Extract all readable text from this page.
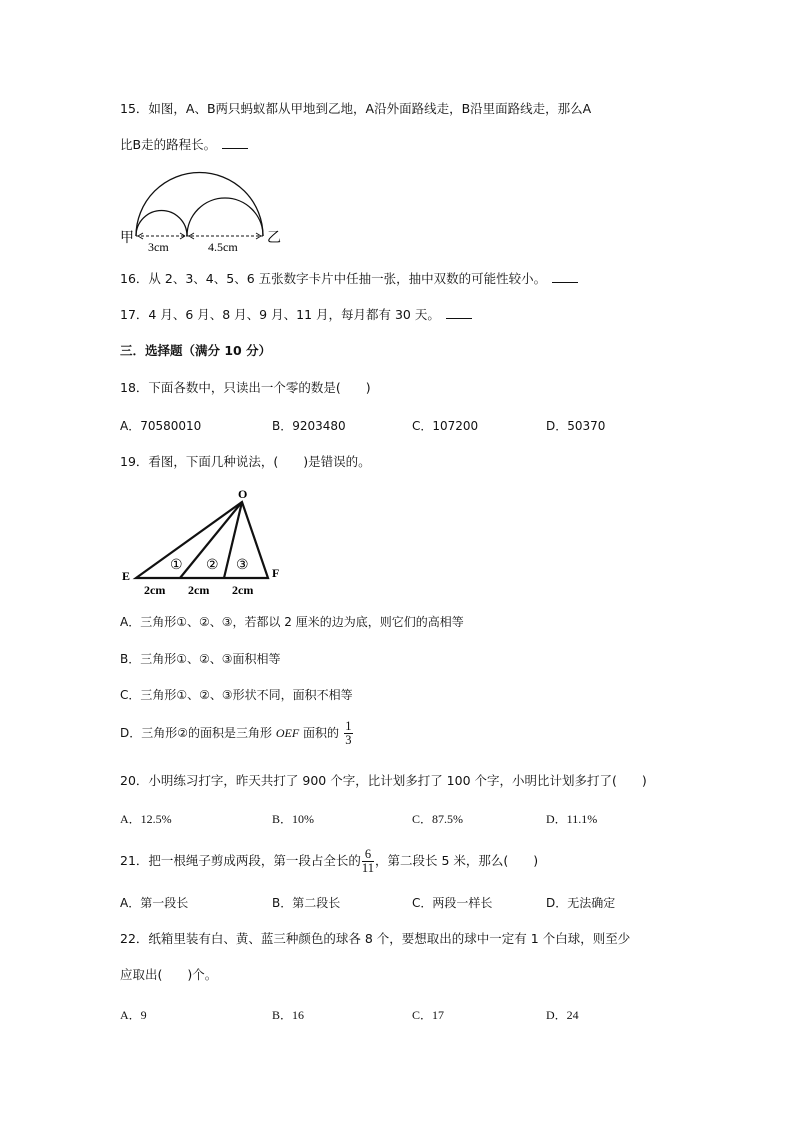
15．如图，A、B两只蚂蚁都从甲地到乙地，A沿外面路线走，B沿里面路线走，那么A
比B走的路程长。
甲	乙
3cm	4.5cm
16．从 2、3、4、5、6 五张数字卡片中任抽一张，抽中双数的可能性较小。
17．4 月、6 月、8 月、9 月、11 月，每月都有 30 天。
三．选择题（满分 10 分）
18．下面各数中，只读出一个零的数是(　　)
A．70580010	B．9203480	C．107200	D．50370
19．看图，下面几种说法，(　　)是错误的。
O
E	F
① ② ③
2cm 2cm 2cm
A．三角形①、②、③，若都以 2 厘米的边为底，则它们的高相等
B．三角形①、②、③面积相等
C．三角形①、②、③形状不同，面积不相等
D．三角形②的面积是三角形 OEF 面积的 $\frac{1}{3}$
20．小明练习打字，昨天共打了 900 个字，比计划多打了 100 个字，小明比计划多打了(　　)
A．12.5%	B．10%	C．87.5%	D．11.1%
21．把一根绳子剪成两段，第一段占全长的 $\frac{6}{11}$ ，第二段长 5 米，那么(　　)
A．第一段长	B．第二段长	C．两段一样长	D．无法确定
22．纸箱里装有白、黄、蓝三种颜色的球各 8 个，要想取出的球中一定有 1 个白球，则至少
应取出(　　)个。
A．9	B．16	C．17	D．24
